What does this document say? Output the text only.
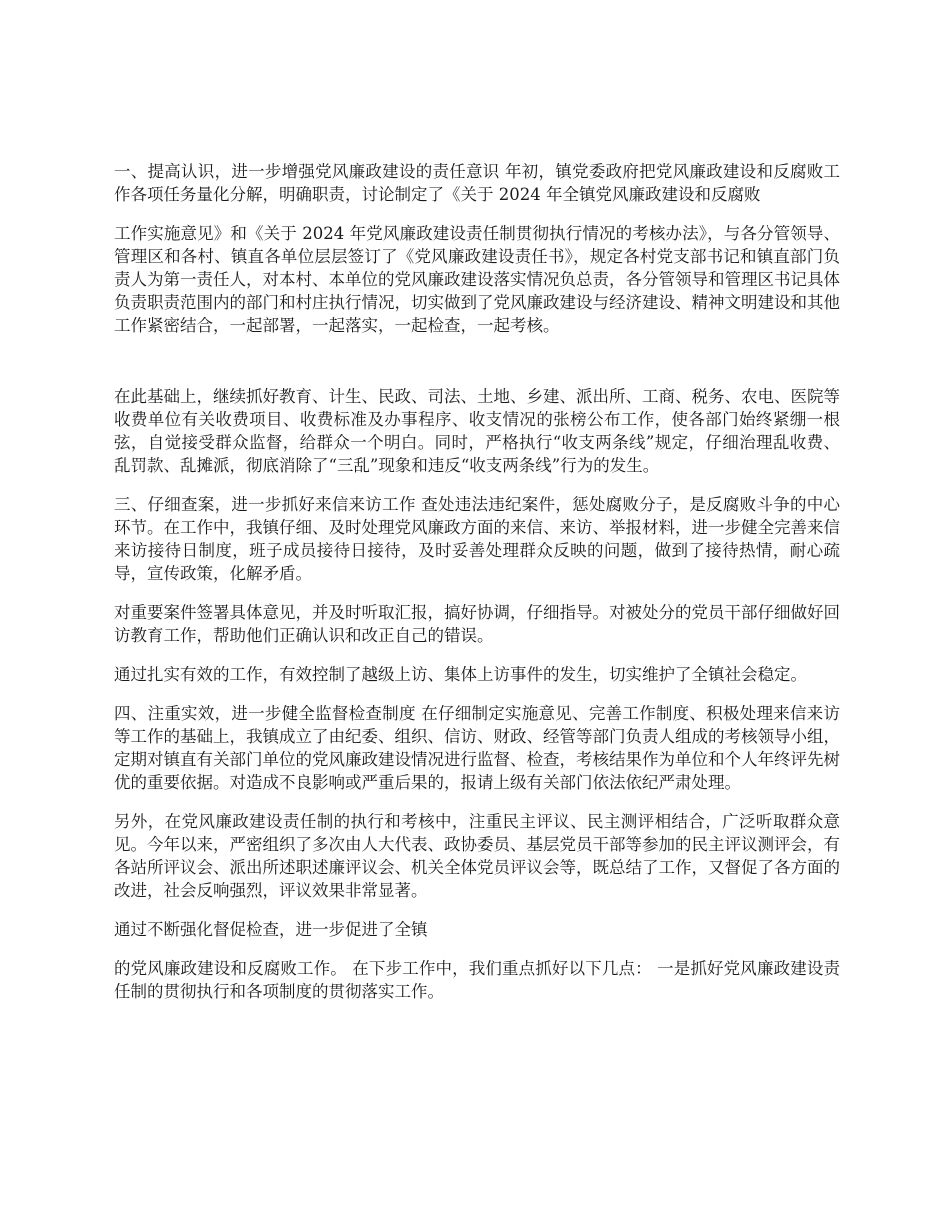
一、提高认识，进一步增强党风廉政建设的责任意识 年初，镇党委政府把党风廉政建设和反腐败工作各项任务量化分解，明确职责，讨论制定了《关于 2024 年全镇党风廉政建设和反腐败

工作实施意见》和《关于 2024 年党风廉政建设责任制贯彻执行情况的考核办法》，与各分管领导、管理区和各村、镇直各单位层层签订了《党风廉政建设责任书》，规定各村党支部书记和镇直部门负责人为第一责任人，对本村、本单位的党风廉政建设落实情况负总责，各分管领导和管理区书记具体负责职责范围内的部门和村庄执行情况，切实做到了党风廉政建设与经济建设、精神文明建设和其他工作紧密结合，一起部署，一起落实，一起检查，一起考核。

在此基础上，继续抓好教育、计生、民政、司法、土地、乡建、派出所、工商、税务、农电、医院等收费单位有关收费项目、收费标准及办事程序、收支情况的张榜公布工作，使各部门始终紧绷一根弦，自觉接受群众监督，给群众一个明白。同时，严格执行“收支两条线”规定，仔细治理乱收费、乱罚款、乱摊派，彻底消除了“三乱”现象和违反“收支两条线”行为的发生。

三、仔细查案，进一步抓好来信来访工作 查处违法违纪案件，惩处腐败分子，是反腐败斗争的中心环节。在工作中，我镇仔细、及时处理党风廉政方面的来信、来访、举报材料，进一步健全完善来信来访接待日制度，班子成员接待日接待，及时妥善处理群众反映的问题，做到了接待热情，耐心疏导，宣传政策，化解矛盾。

对重要案件签署具体意见，并及时听取汇报，搞好协调，仔细指导。对被处分的党员干部仔细做好回访教育工作，帮助他们正确认识和改正自己的错误。

通过扎实有效的工作，有效控制了越级上访、集体上访事件的发生，切实维护了全镇社会稳定。

四、注重实效，进一步健全监督检查制度 在仔细制定实施意见、完善工作制度、积极处理来信来访等工作的基础上，我镇成立了由纪委、组织、信访、财政、经管等部门负责人组成的考核领导小组，定期对镇直有关部门单位的党风廉政建设情况进行监督、检查，考核结果作为单位和个人年终评先树优的重要依据。对造成不良影响或严重后果的，报请上级有关部门依法依纪严肃处理。

另外，在党风廉政建设责任制的执行和考核中，注重民主评议、民主测评相结合，广泛听取群众意见。今年以来，严密组织了多次由人大代表、政协委员、基层党员干部等参加的民主评议测评会，有各站所评议会、派出所述职述廉评议会、机关全体党员评议会等，既总结了工作，又督促了各方面的改进，社会反响强烈，评议效果非常显著。

通过不断强化督促检查，进一步促进了全镇

的党风廉政建设和反腐败工作。 在下步工作中，我们重点抓好以下几点： 一是抓好党风廉政建设责任制的贯彻执行和各项制度的贯彻落实工作。
